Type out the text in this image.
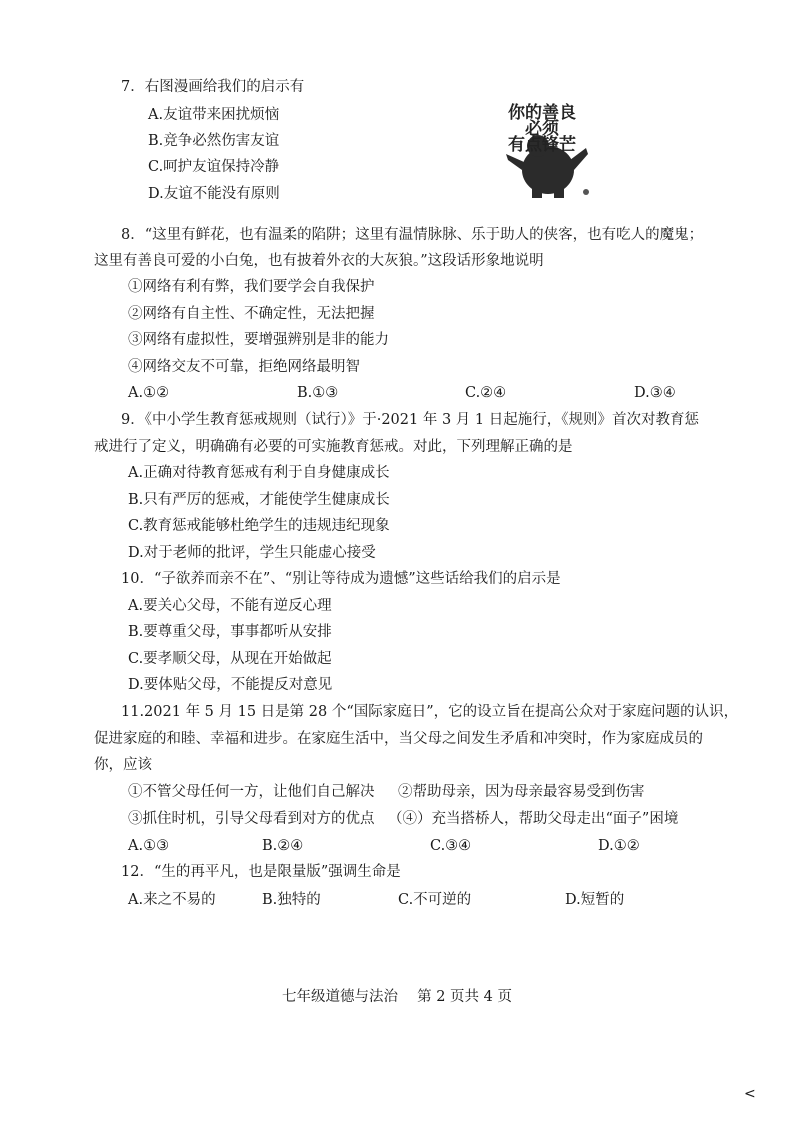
7．右图漫画给我们的启示有
A.友谊带来困扰烦恼
B.竞争必然伤害友谊
C.呵护友谊保持冷静
D.友谊不能没有原则
你的善良
必须
有点锋芒
8．“这里有鲜花，也有温柔的陷阱；这里有温情脉脉、乐于助人的侠客，也有吃人的魔鬼；
这里有善良可爱的小白兔，也有披着外衣的大灰狼。”这段话形象地说明
①网络有利有弊，我们要学会自我保护
②网络有自主性、不确定性，无法把握
③网络有虚拟性，要增强辨别是非的能力
④网络交友不可靠，拒绝网络最明智
A.①②	B.①③	C.②④	D.③④
9．《中小学生教育惩戒规则（试行）》于·2021 年 3 月 1 日起施行，《规则》首次对教育惩
戒进行了定义，明确确有必要的可实施教育惩戒。对此，下列理解正确的是
A.正确对待教育惩戒有利于自身健康成长
B.只有严厉的惩戒，才能使学生健康成长
C.教育惩戒能够杜绝学生的违规违纪现象
D.对于老师的批评，学生只能虚心接受
10．“子欲养而亲不在”、“别让等待成为遗憾”这些话给我们的启示是
A.要关心父母，不能有逆反心理
B.要尊重父母，事事都听从安排
C.要孝顺父母，从现在开始做起
D.要体贴父母，不能提反对意见
11.2021 年 5 月 15 日是第 28 个“国际家庭日”，它的设立旨在提高公众对于家庭问题的认识，
促进家庭的和睦、幸福和进步。在家庭生活中，当父母之间发生矛盾和冲突时，作为家庭成员的
你，应该
①不管父母任何一方，让他们自己解决 ②帮助母亲，因为母亲最容易受到伤害
③抓住时机，引导父母看到对方的优点 （④）充当搭桥人，帮助父母走出“面子”困境
A.①③	B.②④	C.③④	D.①②
12．“生的再平凡，也是限量版”强调生命是
A.来之不易的	B.独特的	C.不可逆的	D.短暂的
七年级道德与法治　 第 2 页共 4 页
<
